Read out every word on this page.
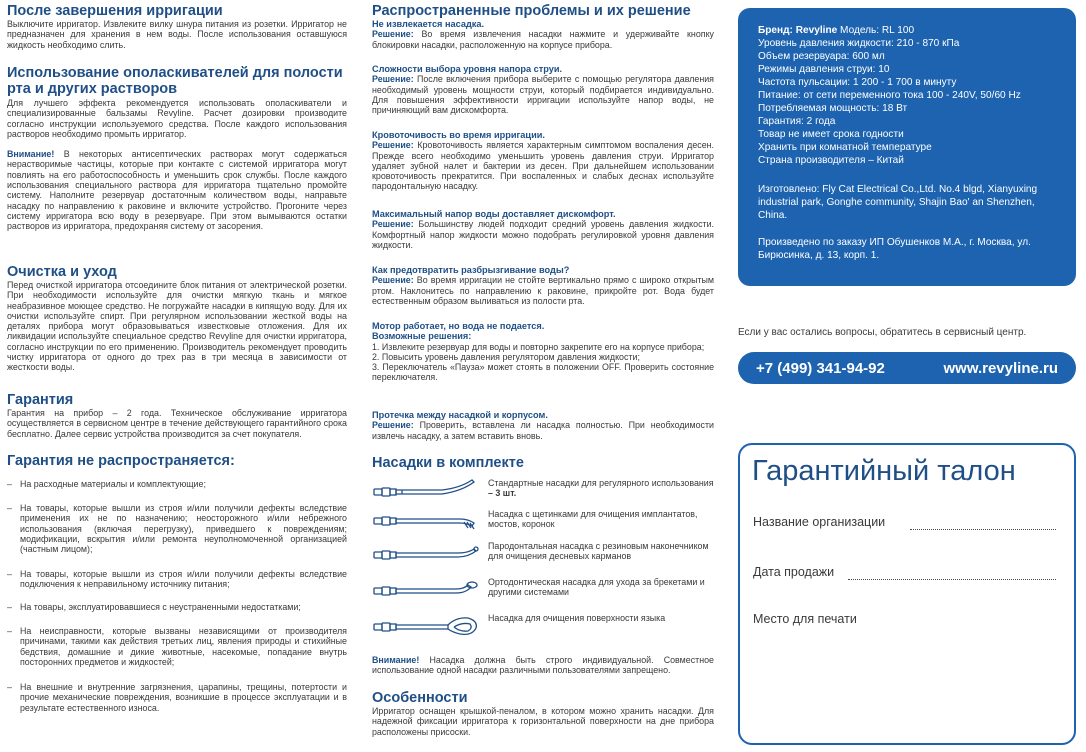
После завершения ирригации

Выключите ирригатор. Извлеките вилку шнура питания из розетки. Ирригатор не предназначен для хранения в нем воды. После использования оставшуюся жидкость необходимо слить.

Использование ополаскивателей для полости рта и других растворов

Для лучшего эффекта рекомендуется использовать ополаскиватели и специализированные бальзамы Revyline. Расчет дозировки производите согласно инструкции используемого средства. После каждого использования растворов необходимо промыть ирригатор.

Внимание! В некоторых антисептических растворах могут содержаться нерастворимые частицы, которые при контакте с системой ирригатора могут повлиять на его работоспособность и уменьшить срок службы. После каждого использования специального раствора для ирригатора тщательно промойте систему. Наполните резервуар достаточным количеством воды, направьте насадку по направлению к раковине и включите устройство. Прогоните через систему ирригатора всю воду в резервуаре. При этом вымываются остатки растворов из ирригатора, предохраняя систему от засорения.

Очистка и уход

Перед очисткой ирригатора отсоедините блок питания от электрической розетки. При необходимости используйте для очистки мягкую ткань и мягкое неабразивное моющее средство. Не погружайте насадки в кипящую воду. Для их очистки используйте спирт. При регулярном использовании жесткой воды на деталях прибора могут образовываться известковые отложения. Для их ликвидации используйте специальное средство Revyline для очистки ирригатора, согласно инструкции по его применению. Производитель рекомендует проводить чистку ирригатора от одного до трех раз в три месяца в зависимости от жесткости воды.

Гарантия

Гарантия на прибор – 2 года. Техническое обслуживание ирригатора осуществляется в сервисном центре в течение действующего гарантийного срока бесплатно. Далее сервис устройства производится за счет покупателя.

Гарантия не распространяется:
– На расходные материалы и комплектующие;
– На товары, которые вышли из строя и/или получили дефекты вследствие применения их не по назначению; неосторожного и/или небрежного использования (включая перегрузку), приведшего к повреждениям; модификации, вскрытия и/или ремонта неуполномоченной организацией (частным лицом);
– На товары, которые вышли из строя и/или получили дефекты вследствие подключения к неправильному источнику питания;
– На товары, эксплуатировавшиеся с неустраненными недостатками;
– На неисправности, которые вызваны независящими от производителя причинами, такими как действия третьих лиц, явления природы и стихийные бедствия, домашние и дикие животные, насекомые, попадание внутрь посторонних предметов и жидкостей;
– На внешние и внутренние загрязнения, царапины, трещины, потертости и прочие механические повреждения, возникшие в процессе эксплуатации и в результате естественного износа.
Распространенные проблемы и их решение
Не извлекается насадка.

Решение: Во время извлечения насадки нажмите и удерживайте кнопку блокировки насадки, расположенную на корпусе прибора.

Сложности выбора уровня напора струи.

Решение: После включения прибора выберите с помощью регулятора давления необходимый уровень мощности струи, который подбирается индивидуально. Для повышения эффективности ирригации используйте напор воды, не причиняющий вам дискомфорта.

Кровоточивость во время ирригации.

Решение: Кровоточивость является характерным симптомом воспаления десен. Прежде всего необходимо уменьшить уровень давления струи. Ирригатор удаляет зубной налет и бактерии из десен. При дальнейшем использовании кровоточивость прекратится. При воспаленных и слабых деснах используйте пародонтальную насадку.

Максимальный напор воды доставляет дискомфорт.

Решение: Большинству людей подходит средний уровень давления жидкости. Комфортный напор жидкости можно подобрать регулировкой уровня давления жидкости.

Как предотвратить разбрызгивание воды?

Решение: Во время ирригации не стойте вертикально прямо с широко открытым ртом. Наклонитесь по направлению к раковине, прикройте рот. Вода будет естественным образом выливаться из полости рта.

Мотор работает, но вода не подается.
Возможные решения:

1. Извлеките резервуар для воды и повторно закрепите его на корпусе прибора;
2. Повысить уровень давления регулятором давления жидкости;
3. Переключатель «Пауза» может стоять в положении OFF. Проверить состояние переключателя.

Протечка между насадкой и корпусом.

Решение: Проверить, вставлена ли насадка полностью. При необходимости извлечь насадку, а затем вставить вновь.

Насадки в комплекте
Стандартные насадки для регулярного использования – 3 шт.
Насадка с щетинками для очищения имплантатов, мостов, коронок
Пародонтальная насадка с резиновым наконечником для очищения десневых карманов
Ортодонтическая насадка для ухода за брекетами и другими системами
Насадка для очищения поверхности языка

Внимание! Насадка должна быть строго индивидуальной. Совместное использование одной насадки различными пользователями запрещено.

Особенности

Ирригатор оснащен крышкой-пеналом, в котором можно хранить насадки. Для надежной фиксации ирригатора к горизонтальной поверхности на дне прибора расположены присоски.

Бренд: Revyline Модель: RL 100
Уровень давления жидкости: 210 - 870 кПа
Объем резервуара: 600 мл
Режимы давления струи: 10
Частота пульсации: 1 200 - 1 700 в минуту
Питание: от сети переменного тока 100 - 240V, 50/60 Hz
Потребляемая мощность: 18 Вт
Гарантия: 2 года
Товар не имеет срока годности
Хранить при комнатной температуре
Страна производителя – Китай
Изготовлено: Fly Cat Electrical Co.,Ltd. No.4 blgd, Xianyuxing industrial park, Gonghe community, Shajin Bao' an Shenzhen, China.
Произведено по заказу ИП Обушенков М.А., г. Москва, ул. Бирюсинка, д. 13, корп. 1.
Если у вас остались вопросы, обратитесь в сервисный центр.
+7 (499) 341-94-92	www.revyline.ru
Гарантийный талон
Название организации
Дата продажи
Место для печати
